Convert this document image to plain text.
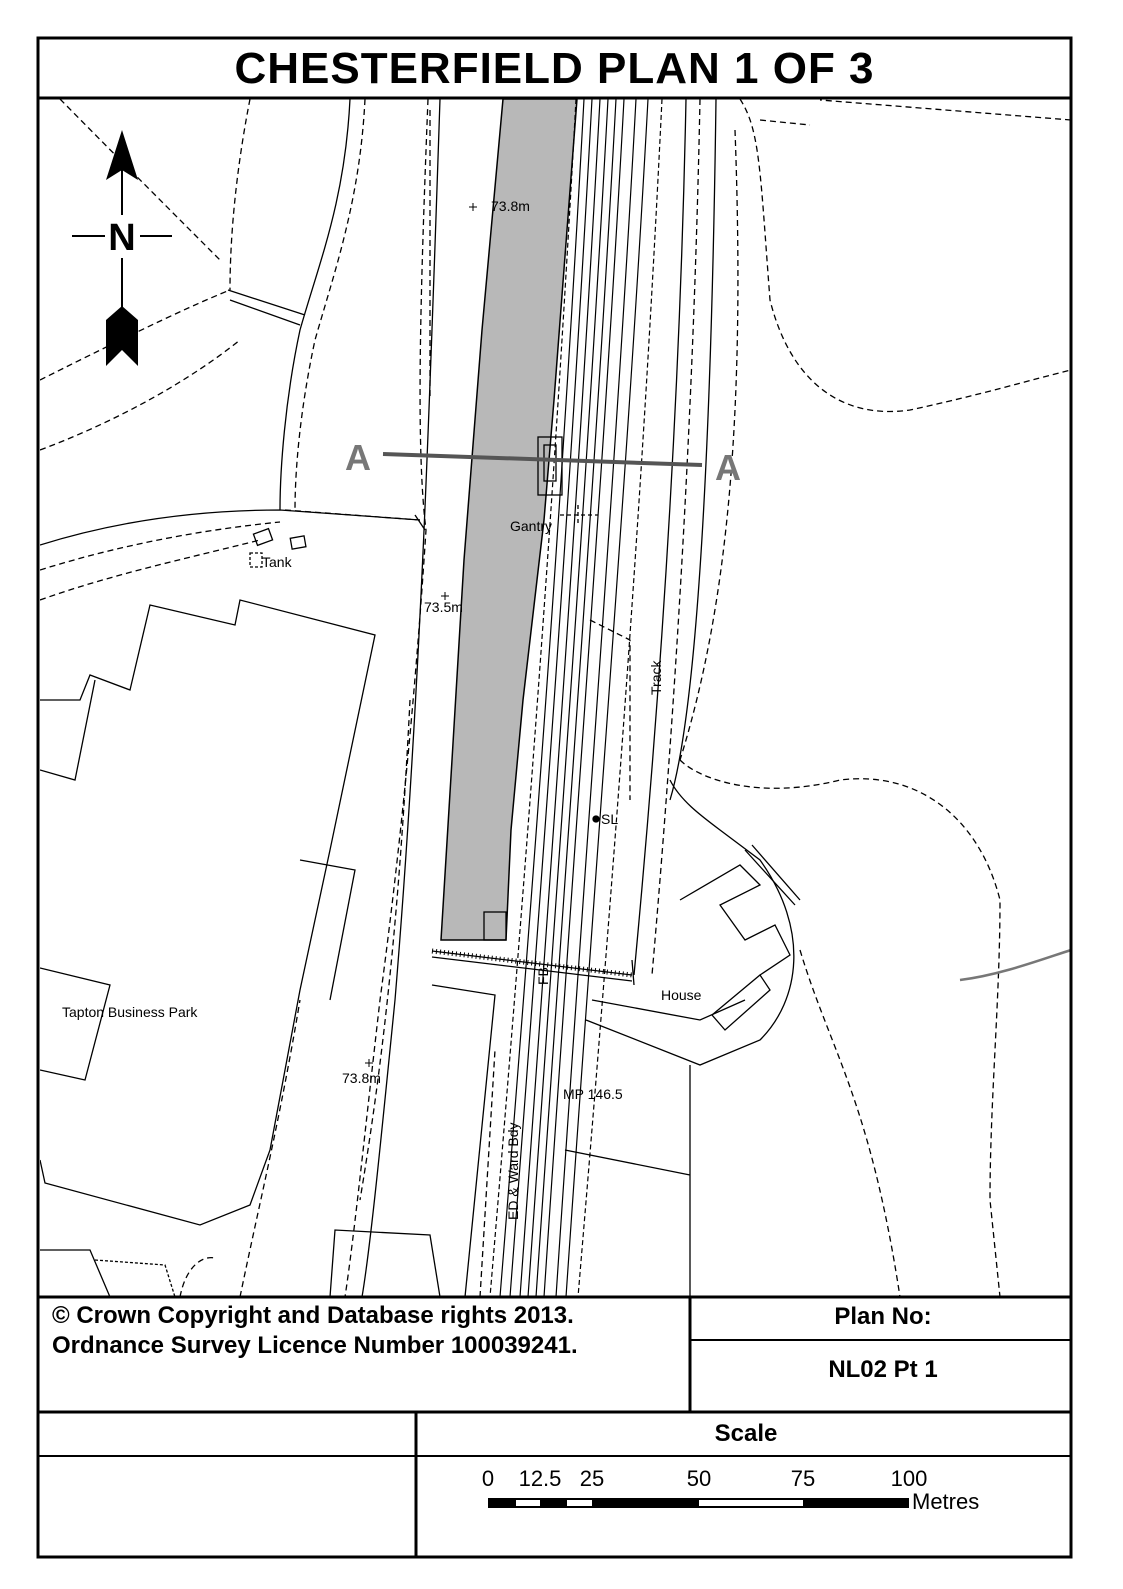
A	A
73.8m
73.5m
73.8m
Gantry
Tank
Track
SL
FB
House
Tapton Business Park
MP 146.5
ED & Ward Bdy
N
CHESTERFIELD PLAN 1 OF 3
© Crown Copyright and Database rights 2013.
Ordnance Survey Licence Number 100039241.
Plan No:
NL02 Pt 1
Scale
0 12.5 25	50	75	100
Metres
